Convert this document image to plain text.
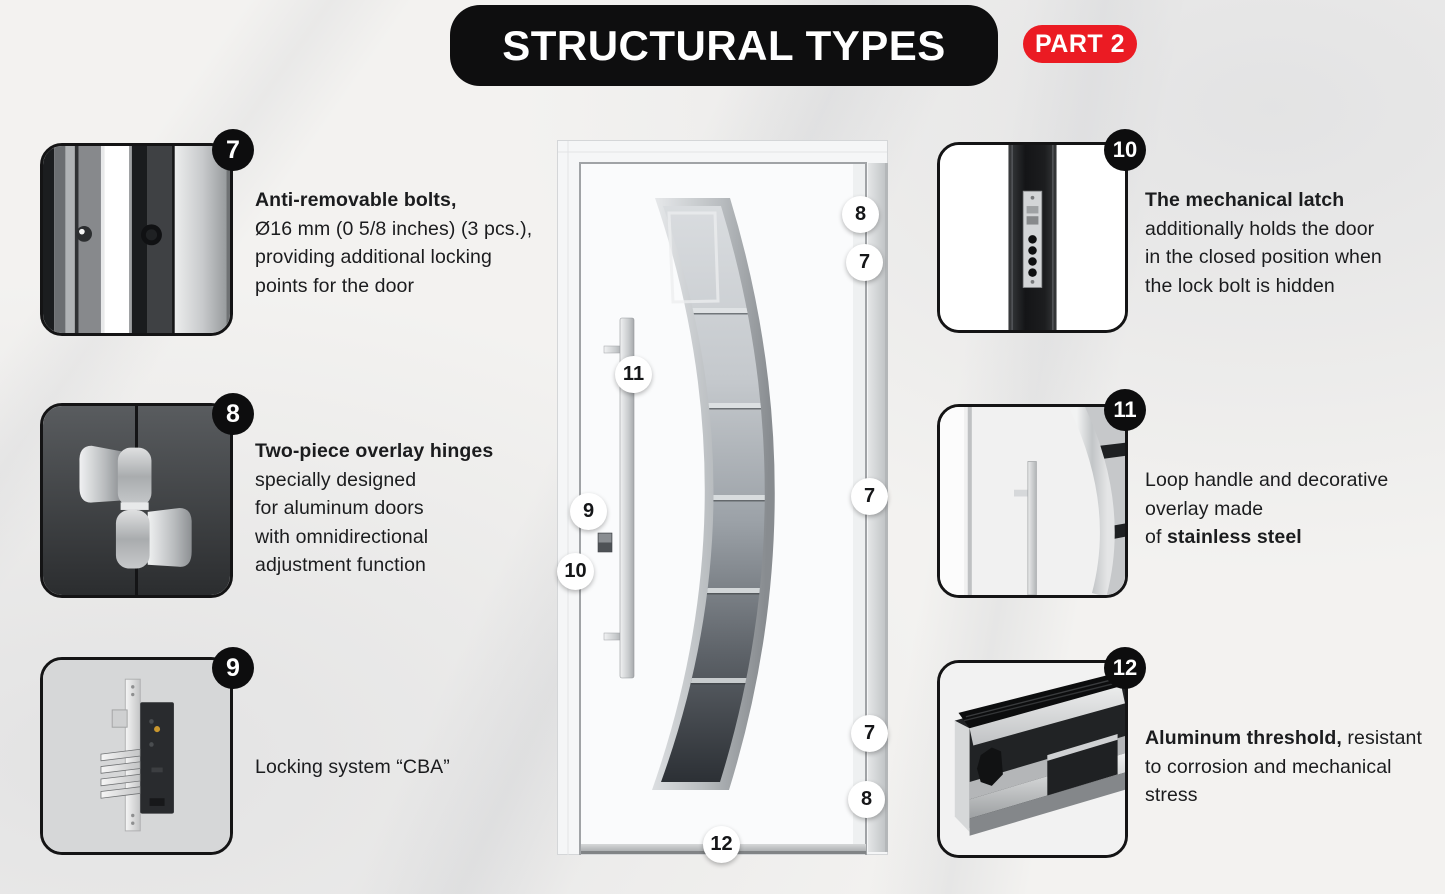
STRUCTURAL TYPES	PART 2
7
Anti-removable bolts,
Ø16 mm (0 5/8 inches) (3 pcs.),
providing additional locking
points for the door
8
Two-piece overlay hinges
specially designed
for aluminum doors
with omnidirectional
adjustment function
9
Locking system “CBA”
10
The mechanical latch
additionally holds the door
in the closed position when
the lock bolt is hidden
11
Loop handle and decorative
overlay made
of stainless steel
12
Aluminum threshold, resistant
to corrosion and mechanical
stress
8
7
11
9
10
7
7
8
12
